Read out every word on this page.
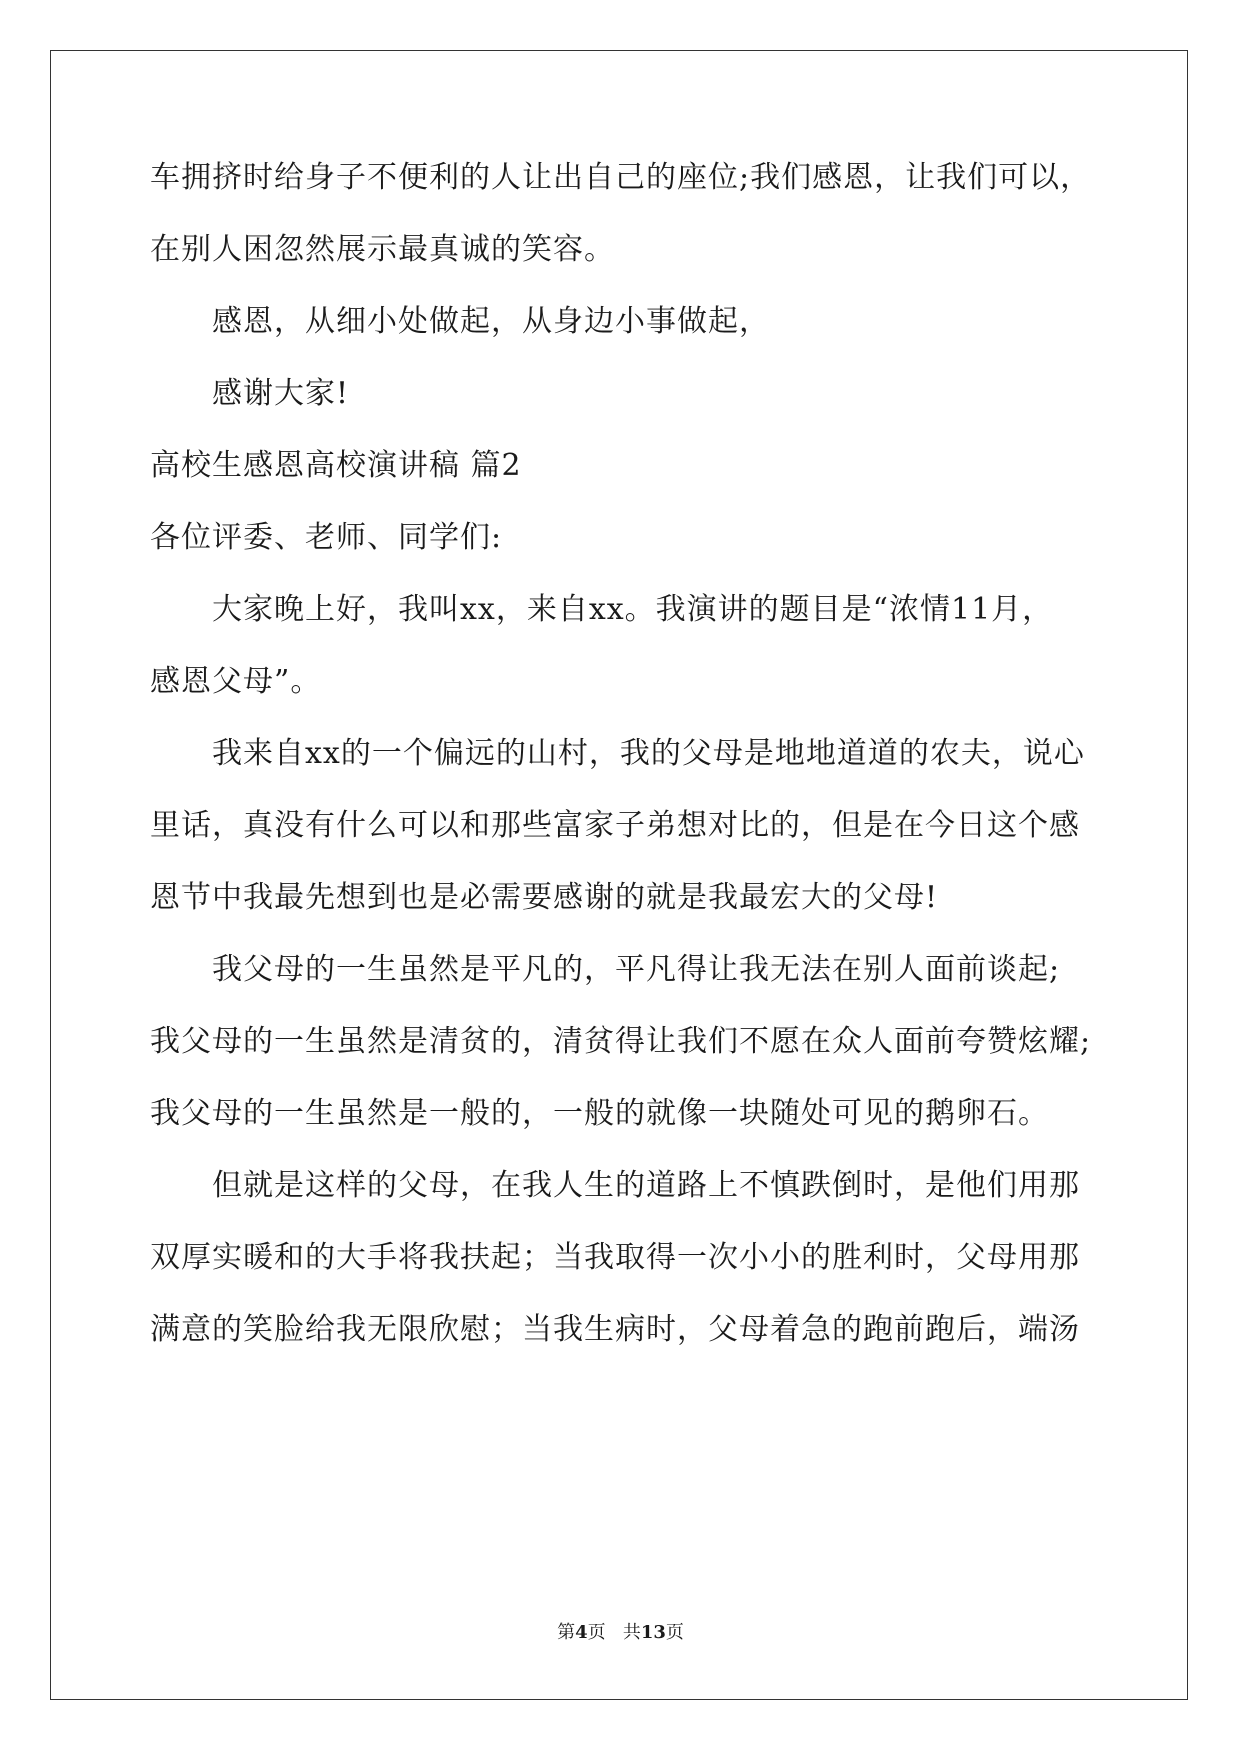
车拥挤时给身子不便利的人让出自己的座位;我们感恩，让我们可以，
在别人困忽然展示最真诚的笑容。
感恩，从细小处做起，从身边小事做起，
感谢大家!
高校生感恩高校演讲稿 篇2
各位评委、老师、同学们:
大家晚上好，我叫xx，来自xx。我演讲的题目是“浓情11月，
感恩父母”。
我来自xx的一个偏远的山村，我的父母是地地道道的农夫，说心
里话，真没有什么可以和那些富家子弟想对比的，但是在今日这个感
恩节中我最先想到也是必需要感谢的就是我最宏大的父母!
我父母的一生虽然是平凡的，平凡得让我无法在别人面前谈起;
我父母的一生虽然是清贫的，清贫得让我们不愿在众人面前夸赞炫耀;
我父母的一生虽然是一般的，一般的就像一块随处可见的鹅卵石。
但就是这样的父母，在我人生的道路上不慎跌倒时，是他们用那
双厚实暖和的大手将我扶起；当我取得一次小小的胜利时，父母用那
满意的笑脸给我无限欣慰；当我生病时，父母着急的跑前跑后，端汤
第4页 共13页
